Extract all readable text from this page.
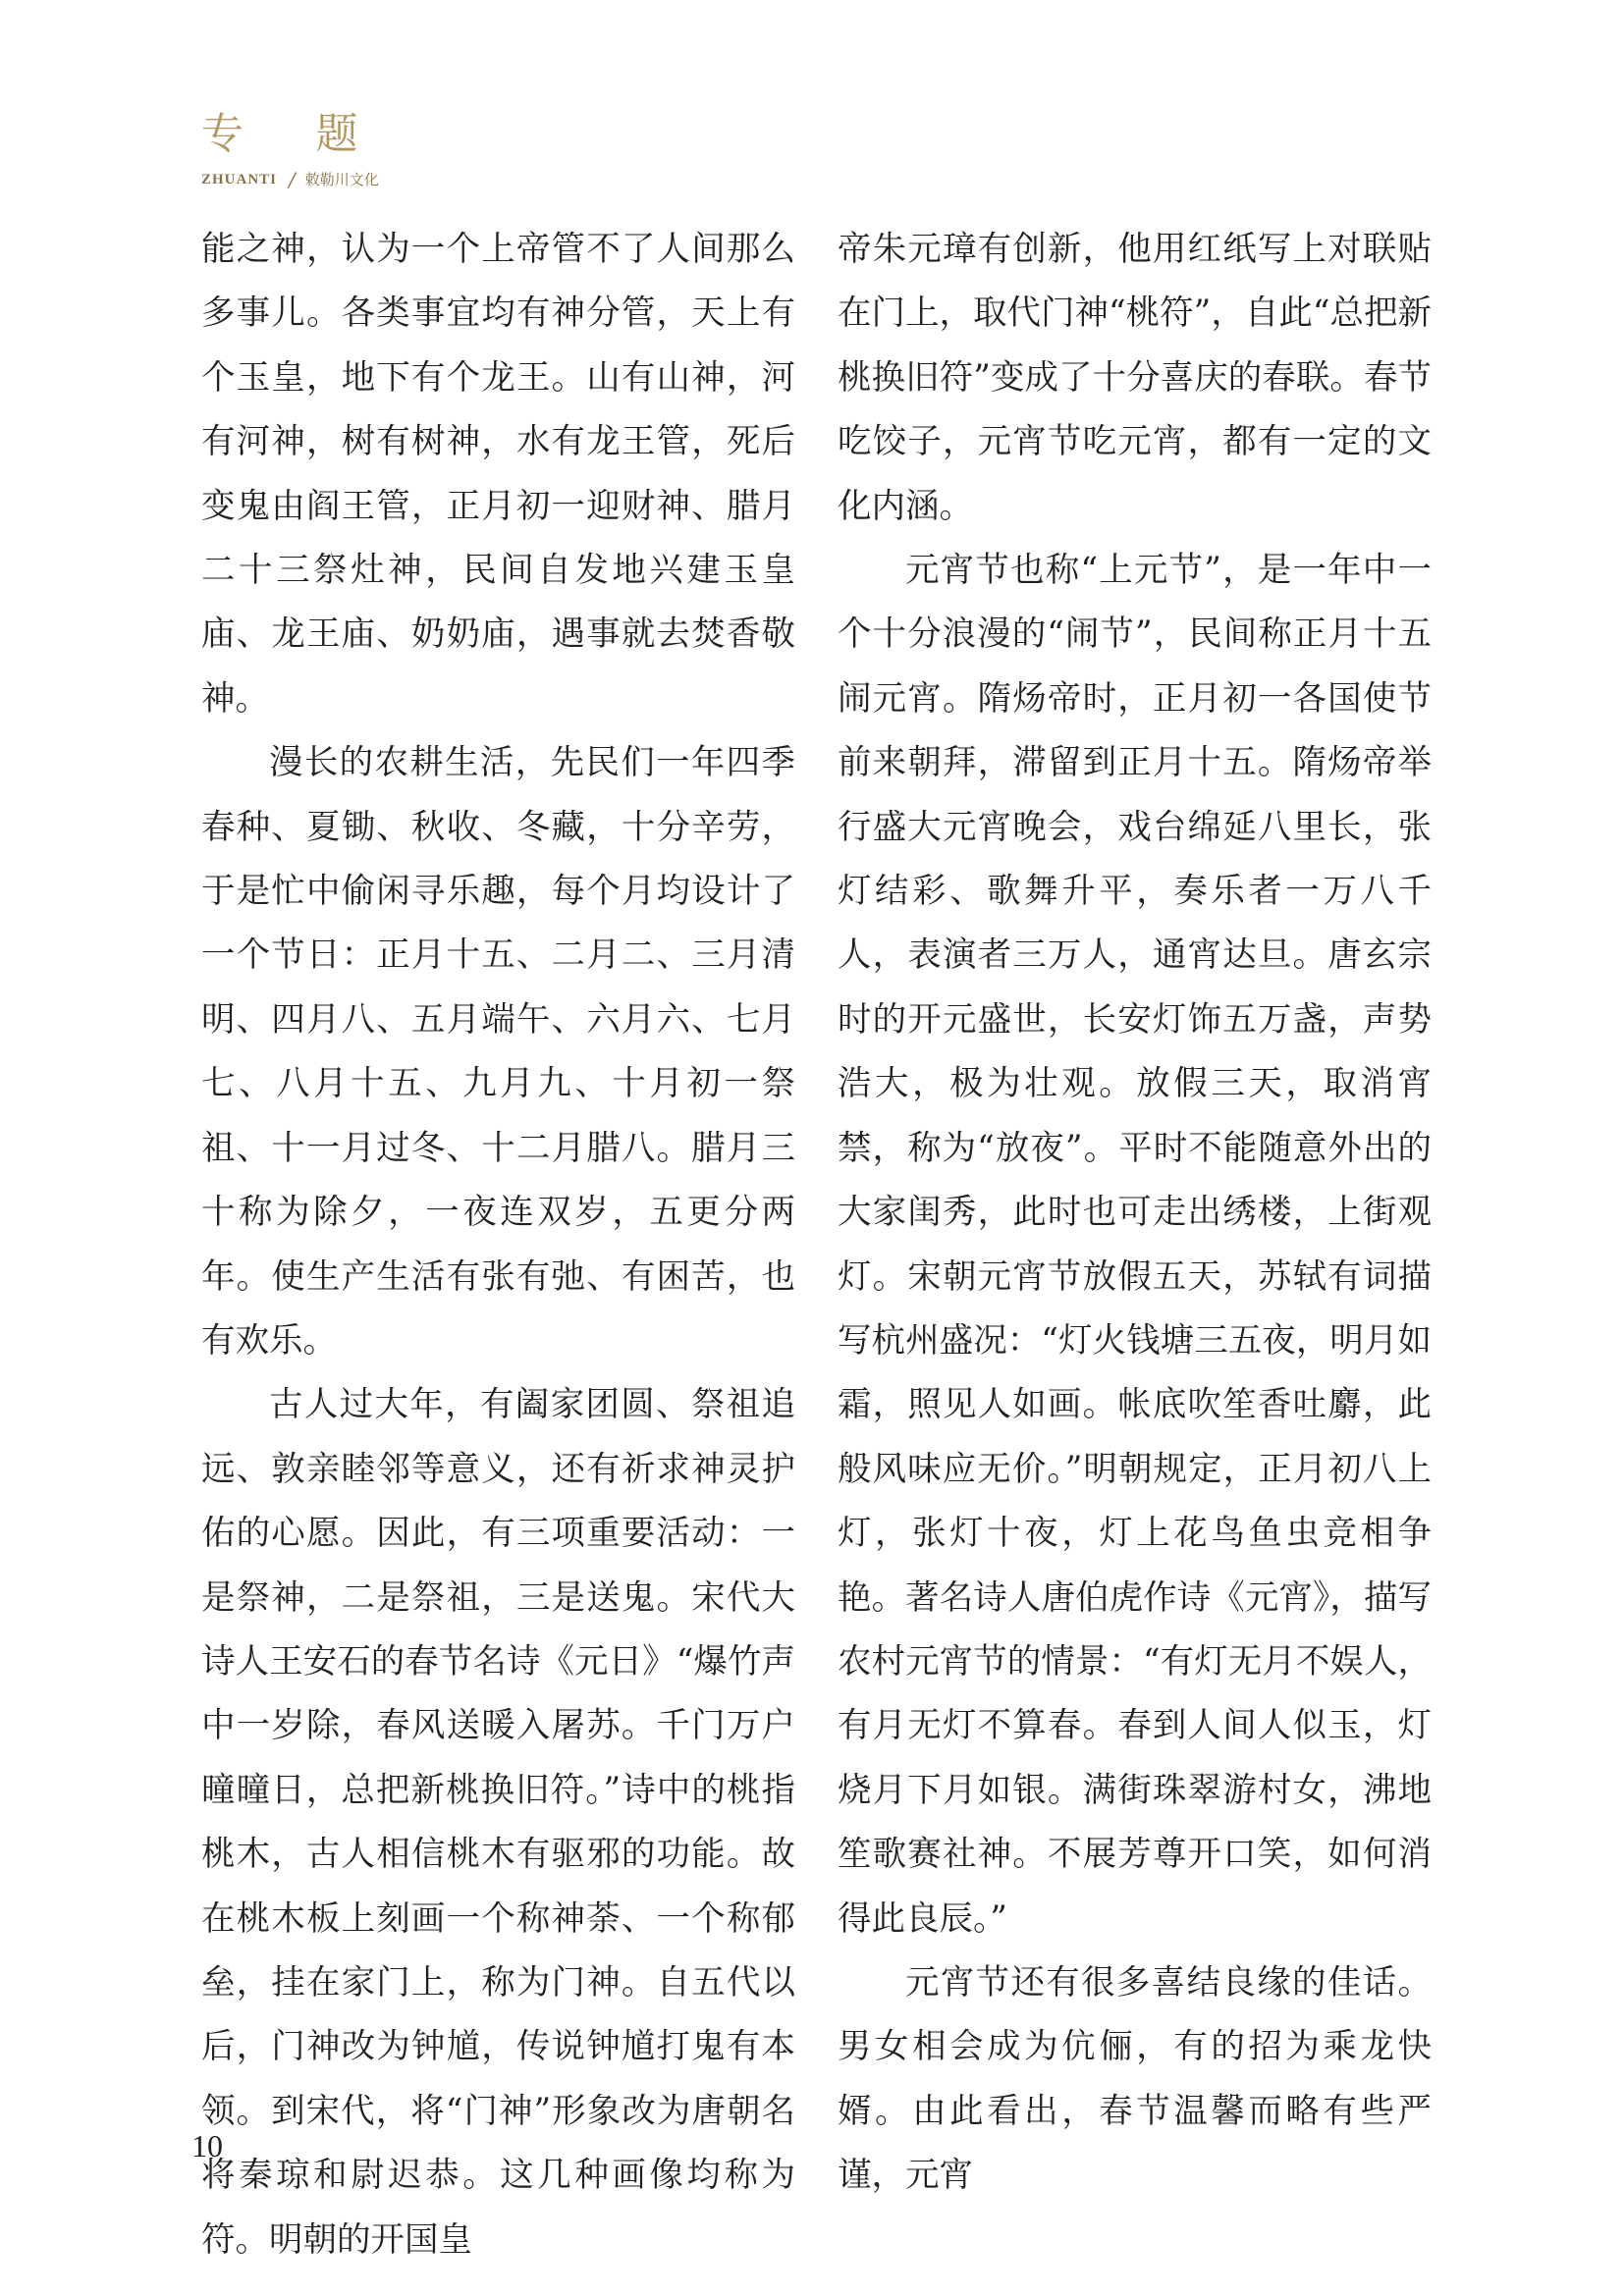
专 题
ZHUANTI / 敕勒川文化

能之神，认为一个上帝管不了人间那么多事儿。各类事宜均有神分管，天上有个玉皇，地下有个龙王。山有山神，河有河神，树有树神，水有龙王管，死后变鬼由阎王管，正月初一迎财神、腊月二十三祭灶神，民间自发地兴建玉皇庙、龙王庙、奶奶庙，遇事就去焚香敬神。

漫长的农耕生活，先民们一年四季春种、夏锄、秋收、冬藏，十分辛劳，于是忙中偷闲寻乐趣，每个月均设计了一个节日：正月十五、二月二、三月清明、四月八、五月端午、六月六、七月七、八月十五、九月九、十月初一祭祖、十一月过冬、十二月腊八。腊月三十称为除夕，一夜连双岁，五更分两年。使生产生活有张有弛、有困苦，也有欢乐。

古人过大年，有阖家团圆、祭祖追远、敦亲睦邻等意义，还有祈求神灵护佑的心愿。因此，有三项重要活动：一是祭神，二是祭祖，三是送鬼。宋代大诗人王安石的春节名诗《元日》“爆竹声中一岁除，春风送暖入屠苏。千门万户曈曈日，总把新桃换旧符。”诗中的桃指桃木，古人相信桃木有驱邪的功能。故在桃木板上刻画一个称神荼、一个称郁垒，挂在家门上，称为门神。自五代以后，门神改为钟馗，传说钟馗打鬼有本领。到宋代，将“门神”形象改为唐朝名将秦琼和尉迟恭。这几种画像均称为符。明朝的开国皇

帝朱元璋有创新，他用红纸写上对联贴在门上，取代门神“桃符”，自此“总把新桃换旧符”变成了十分喜庆的春联。春节吃饺子，元宵节吃元宵，都有一定的文化内涵。

元宵节也称“上元节”，是一年中一个十分浪漫的“闹节”，民间称正月十五闹元宵。隋炀帝时，正月初一各国使节前来朝拜，滞留到正月十五。隋炀帝举行盛大元宵晚会，戏台绵延八里长，张灯结彩、歌舞升平，奏乐者一万八千人，表演者三万人，通宵达旦。唐玄宗时的开元盛世，长安灯饰五万盏，声势浩大，极为壮观。放假三天，取消宵禁，称为“放夜”。平时不能随意外出的大家闺秀，此时也可走出绣楼，上街观灯。宋朝元宵节放假五天，苏轼有词描写杭州盛况：“灯火钱塘三五夜，明月如霜，照见人如画。帐底吹笙香吐麝，此般风味应无价。”明朝规定，正月初八上灯，张灯十夜，灯上花鸟鱼虫竞相争艳。著名诗人唐伯虎作诗《元宵》，描写农村元宵节的情景：“有灯无月不娱人，有月无灯不算春。春到人间人似玉，灯烧月下月如银。满街珠翠游村女，沸地笙歌赛社神。不展芳尊开口笑，如何消得此良辰。”

元宵节还有很多喜结良缘的佳话。男女相会成为伉俪，有的招为乘龙快婿。由此看出，春节温馨而略有些严谨，元宵

10
